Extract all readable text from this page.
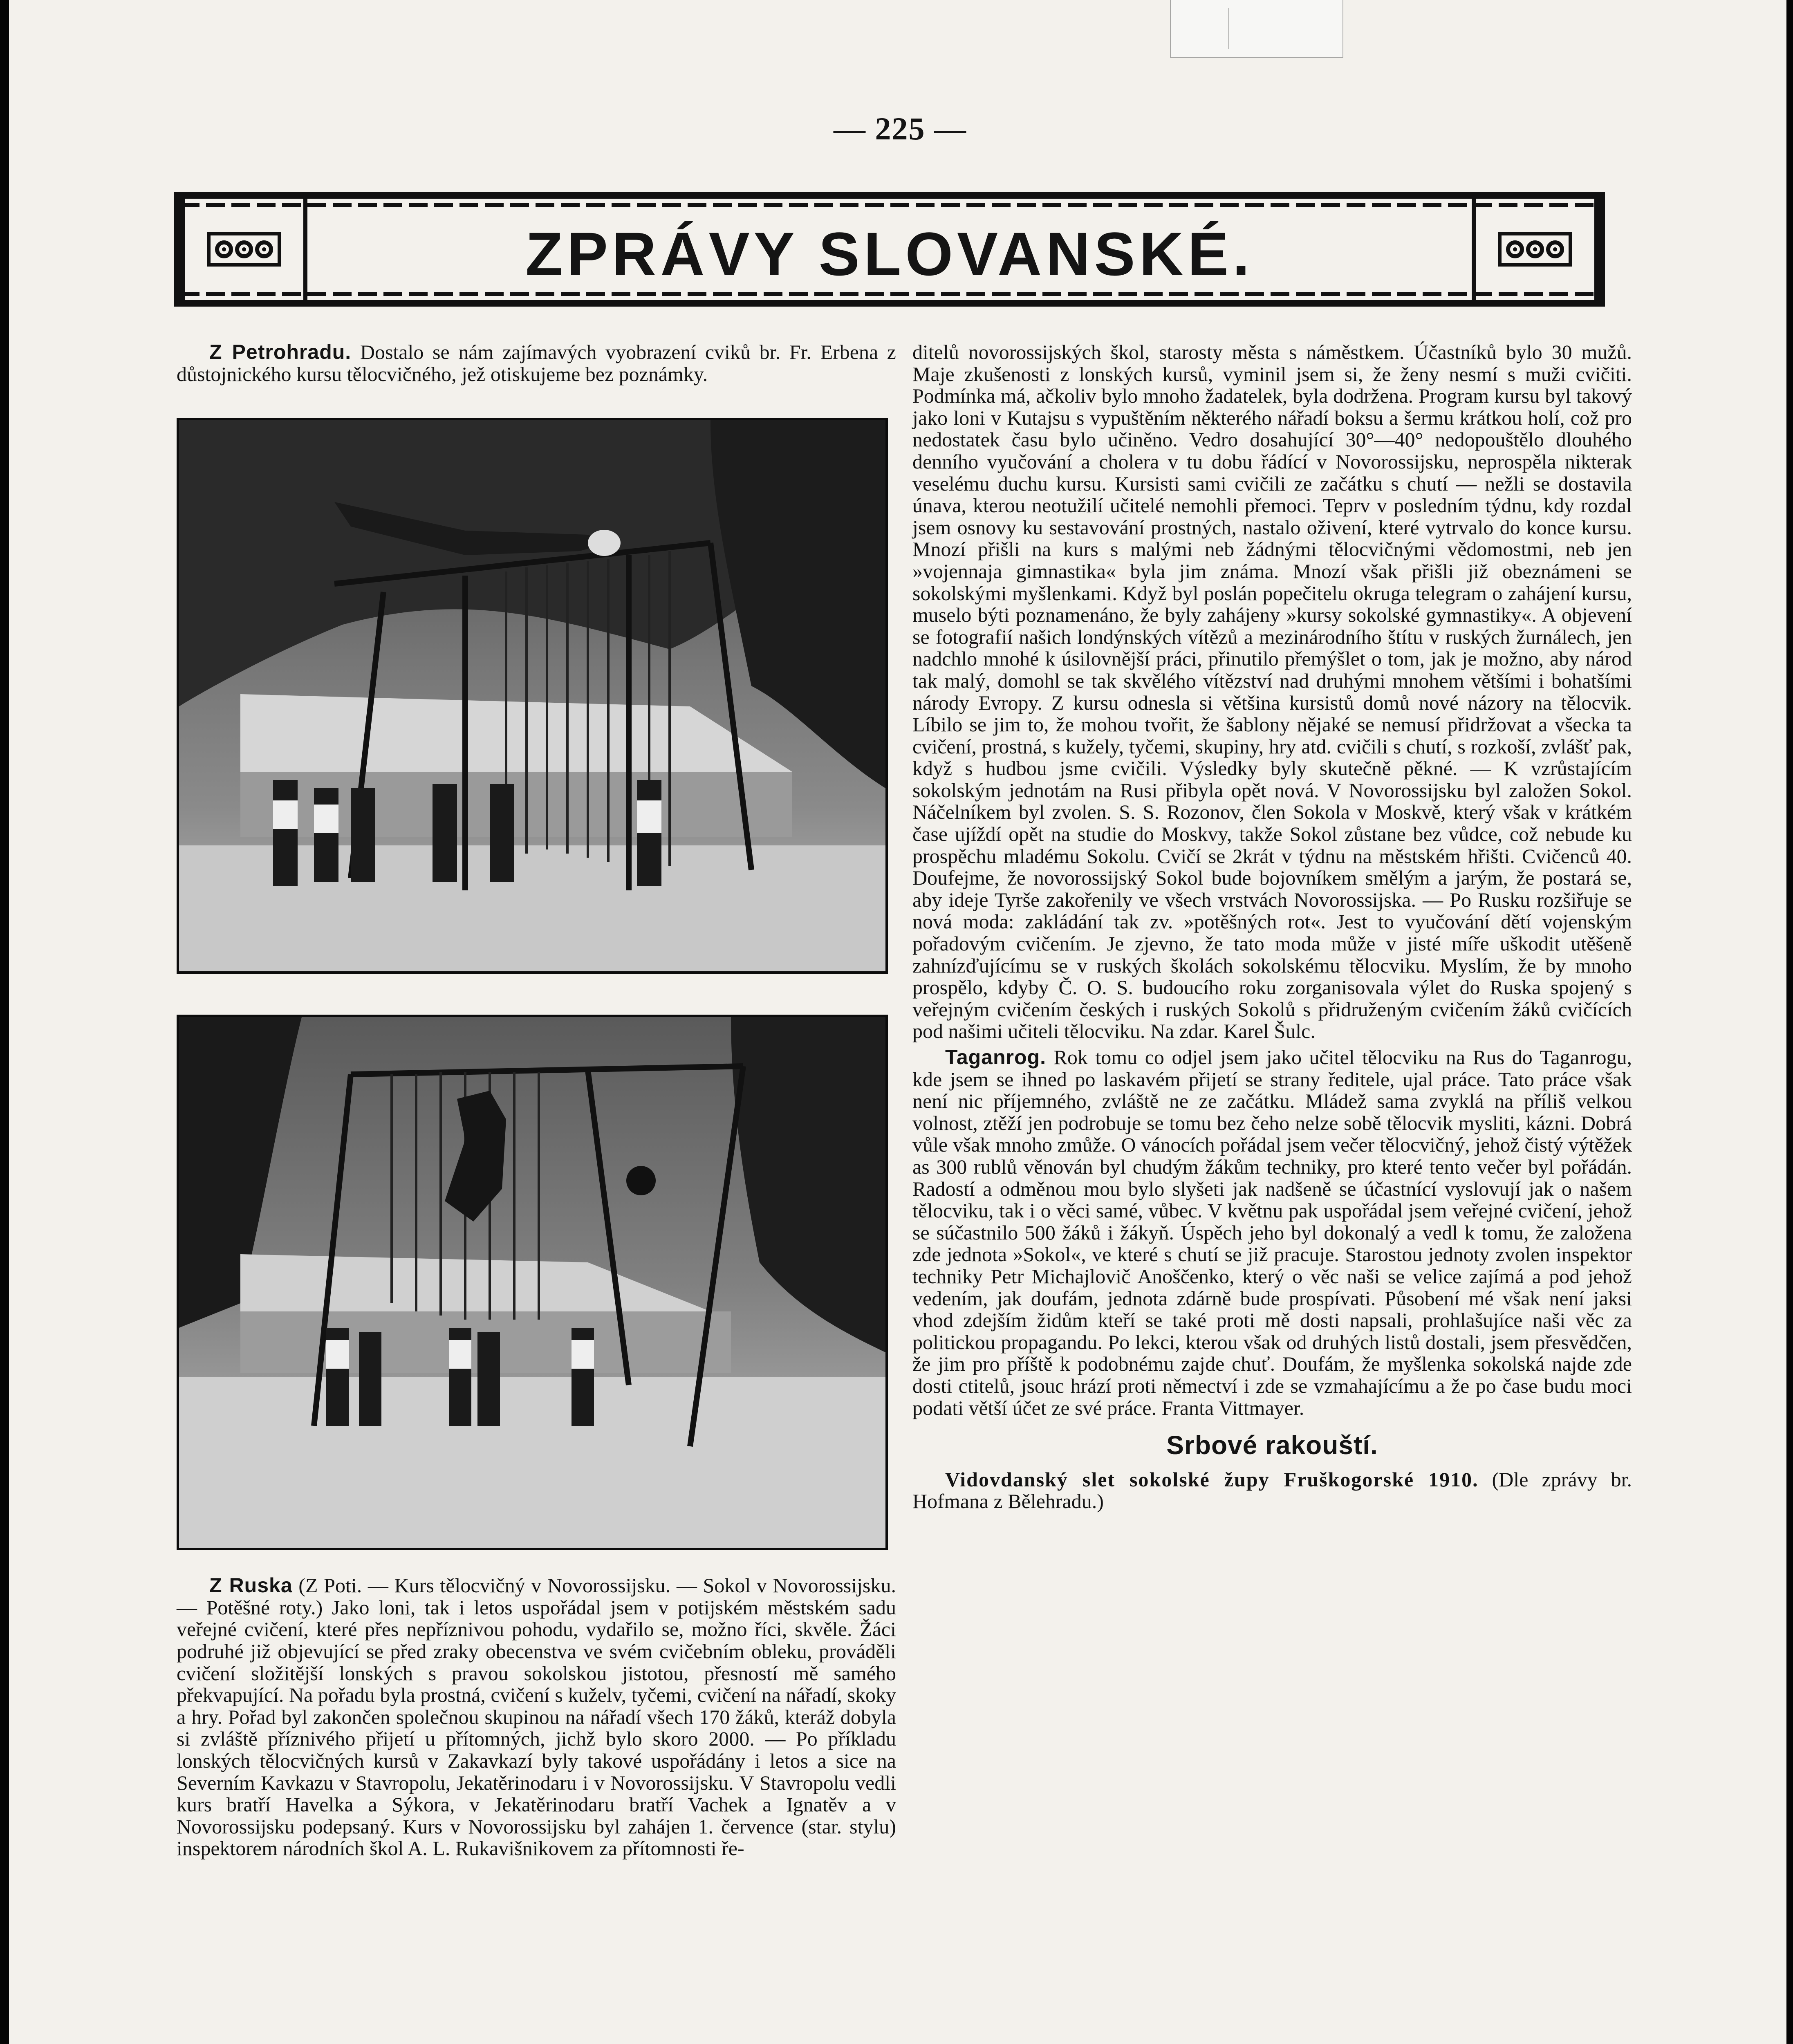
— 225 —
ZPRÁVY SLOVANSKÉ.

Z Petrohradu. Dostalo se nám zajímavých vyobrazení cviků br. Fr. Erbena z důstojnického kursu tělocvičného, jež otiskujeme bez poznámky.

Z Ruska (Z Poti. — Kurs tělocvičný v Novorossijsku. — Sokol v Novorossijsku. — Potěšné roty.) Jako loni, tak i letos uspořádal jsem v potijském městském sadu veřejné cvičení, které přes nepříznivou pohodu, vydařilo se, možno říci, skvěle. Žáci podruhé již objevující se před zraky obecenstva ve svém cvičebním obleku, prováděli cvičení složitější lonských s pravou sokolskou jistotou, přesností mě samého překvapující. Na pořadu byla prostná, cvičení s kuželv, tyčemi, cvičení na nářadí, skoky a hry. Pořad byl zakončen společnou skupinou na nářadí všech 170 žáků, kteráž dobyla si zvláště příznivého přijetí u přítomných, jichž bylo skoro 2000. — Po příkladu lonských tělocvičných kursů v Zakavkazí byly takové uspořádány i letos a sice na Severním Kavkazu v Stavropolu, Jekatěrinodaru i v Novorossijsku. V Stavropolu vedli kurs bratří Havelka a Sýkora, v Jekatěrinodaru bratří Vachek a Ignatěv a v Novorossijsku podepsaný. Kurs v Novorossijsku byl zahájen 1. července (star. stylu) inspektorem národních škol A. L. Rukavišnikovem za přítomnosti ře-

ditelů novorossijských škol, starosty města s náměstkem. Účastníků bylo 30 mužů. Maje zkušenosti z lonských kursů, vyminil jsem si, že ženy nesmí s muži cvičiti. Podmínka má, ačkoliv bylo mnoho žadatelek, byla dodržena. Program kursu byl takový jako loni v Kutajsu s vypuštěním některého nářadí boksu a šermu krátkou holí, což pro nedostatek času bylo učiněno. Vedro dosahující 30°—40° nedopouštělo dlouhého denního vyučování a cholera v tu dobu řádící v Novorossijsku, neprospěla nikterak veselému duchu kursu. Kursisti sami cvičili ze začátku s chutí — nežli se dostavila únava, kterou neotužilí učitelé nemohli přemoci. Teprv v posledním týdnu, kdy rozdal jsem osnovy ku sestavování prostných, nastalo oživení, které vytrvalo do konce kursu. Mnozí přišli na kurs s malými neb žádnými tělocvičnými vědomostmi, neb jen »vojennaja gimnastika« byla jim známa. Mnozí však přišli již obeznámeni se sokolskými myšlenkami. Když byl poslán popečitelu okruga telegram o zahájení kursu, muselo býti poznamenáno, že byly zahájeny »kursy sokolské gymnastiky«. A objevení se fotografií našich londýnských vítězů a mezinárodního štítu v ruských žurnálech, jen nadchlo mnohé k úsilovnější práci, přinutilo přemýšlet o tom, jak je možno, aby národ tak malý, domohl se tak skvělého vítězství nad druhými mnohem většími i bohatšími národy Evropy. Z kursu odnesla si většina kursistů domů nové názory na tělocvik. Líbilo se jim to, že mohou tvořit, že šablony nějaké se nemusí přidržovat a všecka ta cvičení, prostná, s kužely, tyčemi, skupiny, hry atd. cvičili s chutí, s rozkoší, zvlášť pak, když s hudbou jsme cvičili. Výsledky byly skutečně pěkné. — K vzrůstajícím sokolským jednotám na Rusi přibyla opět nová. V Novorossijsku byl založen Sokol. Náčelníkem byl zvolen. S. S. Rozonov, člen Sokola v Moskvě, který však v krátkém čase ujíždí opět na studie do Moskvy, takže Sokol zůstane bez vůdce, což nebude ku prospěchu mladému Sokolu. Cvičí se 2krát v týdnu na městském hřišti. Cvičenců 40. Doufejme, že novorossijský Sokol bude bojovníkem smělým a jarým, že postará se, aby ideje Tyrše zakořenily ve všech vrstvách Novorossijska. — Po Rusku rozšiřuje se nová moda: zakládání tak zv. »potěšných rot«. Jest to vyučování dětí vojenským pořadovým cvičením. Je zjevno, že tato moda může v jisté míře uškodit utěšeně zahnízďujícímu se v ruských školách sokolskému tělocviku. Myslím, že by mnoho prospělo, kdyby Č. O. S. budoucího roku zorganisovala výlet do Ruska spojený s veřejným cvičením českých i ruských Sokolů s přidruženým cvičením žáků cvičících pod našimi učiteli tělocviku. Na zdar. Karel Šulc.

Taganrog. Rok tomu co odjel jsem jako učitel tělocviku na Rus do Taganrogu, kde jsem se ihned po laskavém přijetí se strany ředitele, ujal práce. Tato práce však není nic příjemného, zvláště ne ze začátku. Mládež sama zvyklá na příliš velkou volnost, ztěží jen podrobuje se tomu bez čeho nelze sobě tělocvik mysliti, kázni. Dobrá vůle však mnoho zmůže. O vánocích pořádal jsem večer tělocvičný, jehož čistý výtěžek as 300 rublů věnován byl chudým žákům techniky, pro které tento večer byl pořádán. Radostí a odměnou mou bylo slyšeti jak nadšeně se účastnící vyslovují jak o našem tělocviku, tak i o věci samé, vůbec. V květnu pak uspořádal jsem veřejné cvičení, jehož se súčastnilo 500 žáků i žákyň. Úspěch jeho byl dokonalý a vedl k tomu, že založena zde jednota »Sokol«, ve které s chutí se již pracuje. Starostou jednoty zvolen inspektor techniky Petr Michajlovič Anoščenko, který o věc naši se velice zajímá a pod jehož vedením, jak doufám, jednota zdárně bude prospívati. Působení mé však není jaksi vhod zdejším židům kteří se také proti mě dosti napsali, prohlašujíce naši věc za politickou propagandu. Po lekci, kterou však od druhých listů dostali, jsem přesvědčen, že jim pro příště k podobnému zajde chuť. Doufám, že myšlenka sokolská najde zde dosti ctitelů, jsouc hrází proti němectví i zde se vzmahajícímu a že po čase budu moci podati větší účet ze své práce. Franta Vittmayer.

Srbové rakouští.

Vidovdanský slet sokolské župy Fruškogorské 1910. (Dle zprávy br. Hofmana z Bělehradu.)
